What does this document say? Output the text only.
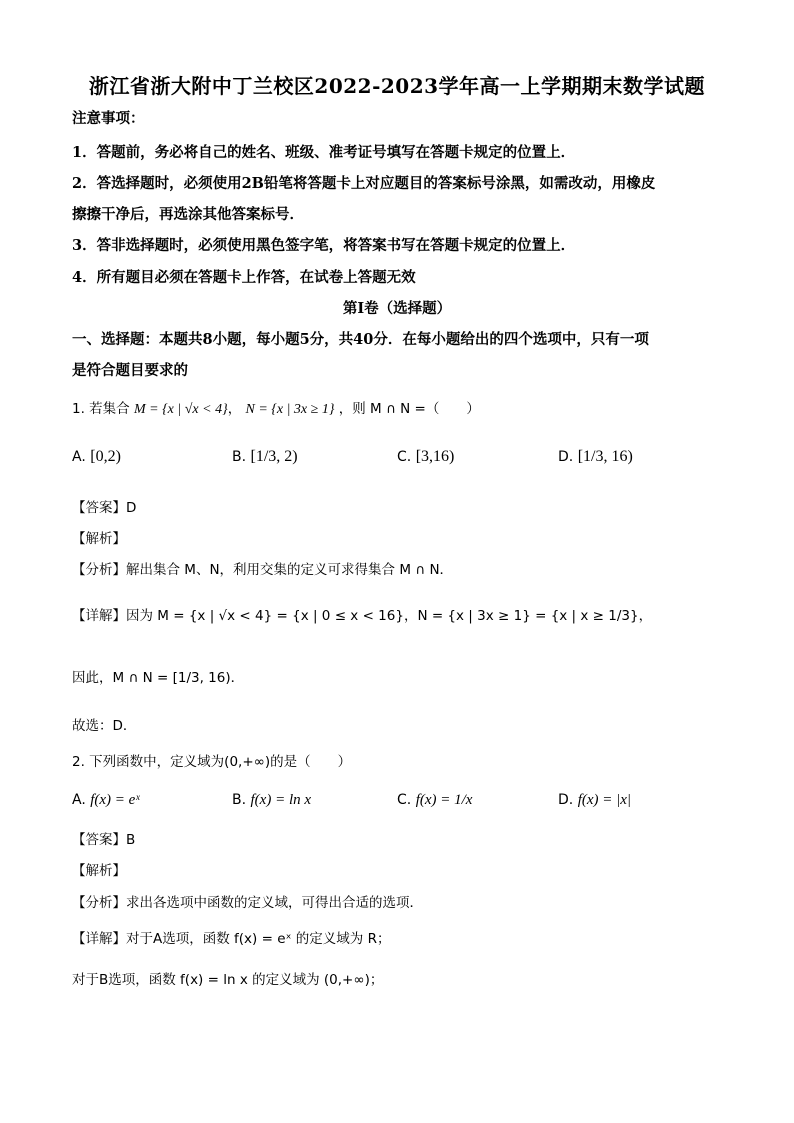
浙江省浙大附中丁兰校区2022-2023学年高一上学期期末数学试题
注意事项：
1．答题前，务必将自己的姓名、班级、准考证号填写在答题卡规定的位置上．
2．答选择题时，必须使用2B铅笔将答题卡上对应题目的答案标号涂黑，如需改动，用橡皮
擦擦干净后，再选涂其他答案标号．
3．答非选择题时，必须使用黑色签字笔，将答案书写在答题卡规定的位置上．
4．所有题目必须在答题卡上作答，在试卷上答题无效
第Ⅰ卷（选择题）
一、选择题：本题共8小题，每小题5分，共40分．在每小题给出的四个选项中，只有一项
是符合题目要求的
1. 若集合 M = {x | √x < 4}， N = {x | 3x ≥ 1} ，则 M ∩ N =（　　）
A. [0,2)	B. [1/3, 2)	C. [3,16)	D. [1/3, 16)
【答案】D
【解析】
【分析】解出集合 M、N，利用交集的定义可求得集合 M ∩ N．
【详解】因为 M = {x | √x < 4} = {x | 0 ≤ x < 16}，N = {x | 3x ≥ 1} = {x | x ≥ 1/3}，
因此，M ∩ N = [1/3, 16)．
故选：D．
2. 下列函数中，定义域为(0,+∞)的是（　　）
A. f(x) = eˣ	B. f(x) = ln x	C. f(x) = 1/x	D. f(x) = |x|
【答案】B
【解析】
【分析】求出各选项中函数的定义域，可得出合适的选项．
【详解】对于A选项，函数 f(x) = eˣ 的定义域为 R；
对于B选项，函数 f(x) = ln x 的定义域为 (0,+∞)；
